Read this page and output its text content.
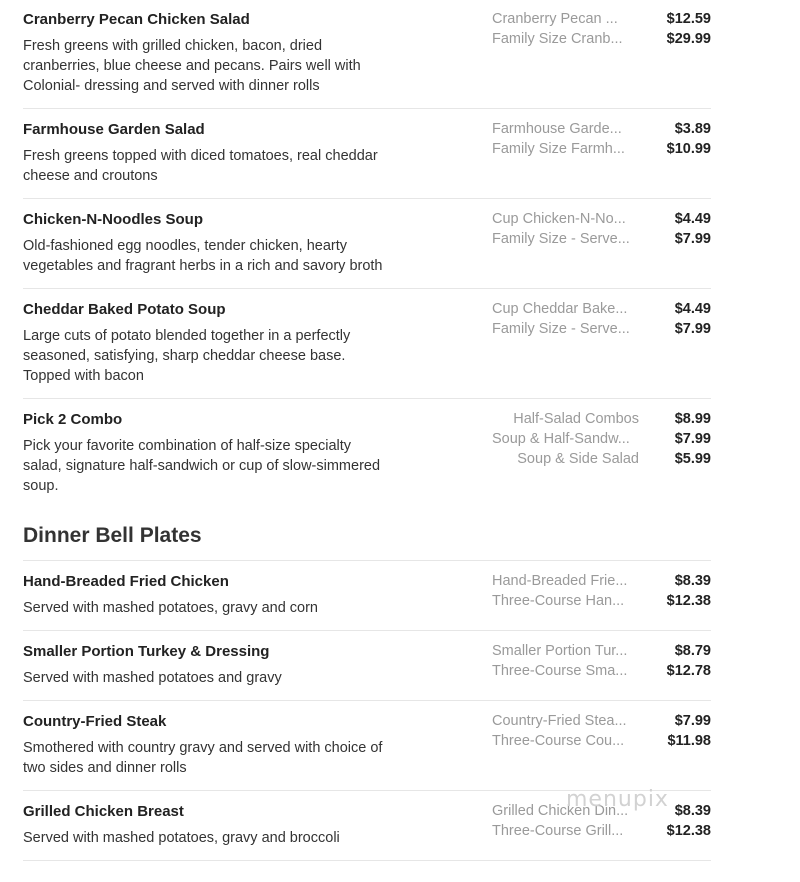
Cranberry Pecan Chicken Salad

Fresh greens with grilled chicken, bacon, dried cranberries, blue cheese and pecans. Pairs well with Colonial- dressing and served with dinner rolls

Cranberry Pecan ...	$12.59
Family Size Cranb...	$29.99
Farmhouse Garden Salad

Fresh greens topped with diced tomatoes, real cheddar cheese and croutons

Farmhouse Garde...	$3.89
Family Size Farmh...	$10.99
Chicken-N-Noodles Soup

Old-fashioned egg noodles, tender chicken, hearty vegetables and fragrant herbs in a rich and savory broth

Cup Chicken-N-No...	$4.49
Family Size - Serve...	$7.99
Cheddar Baked Potato Soup

Large cuts of potato blended together in a perfectly seasoned, satisfying, sharp cheddar cheese base. Topped with bacon

Cup Cheddar Bake...	$4.49
Family Size - Serve...	$7.99
Pick 2 Combo

Pick your favorite combination of half-size specialty salad, signature half-sandwich or cup of slow-simmered soup.

Half-Salad Combos	$8.99
Soup & Half-Sandw...	$7.99
Soup & Side Salad	$5.99
Dinner Bell Plates
Hand-Breaded Fried Chicken

Served with mashed potatoes, gravy and corn

Hand-Breaded Frie...	$8.39
Three-Course Han...	$12.38
Smaller Portion Turkey & Dressing

Served with mashed potatoes and gravy

Smaller Portion Tur...	$8.79
Three-Course Sma...	$12.78
Country-Fried Steak

Smothered with country gravy and served with choice of two sides and dinner rolls

Country-Fried Stea...	$7.99
Three-Course Cou...	$11.98
Grilled Chicken Breast

Served with mashed potatoes, gravy and broccoli

Grilled Chicken Din...	$8.39
Three-Course Grill...	$12.38
menupix
